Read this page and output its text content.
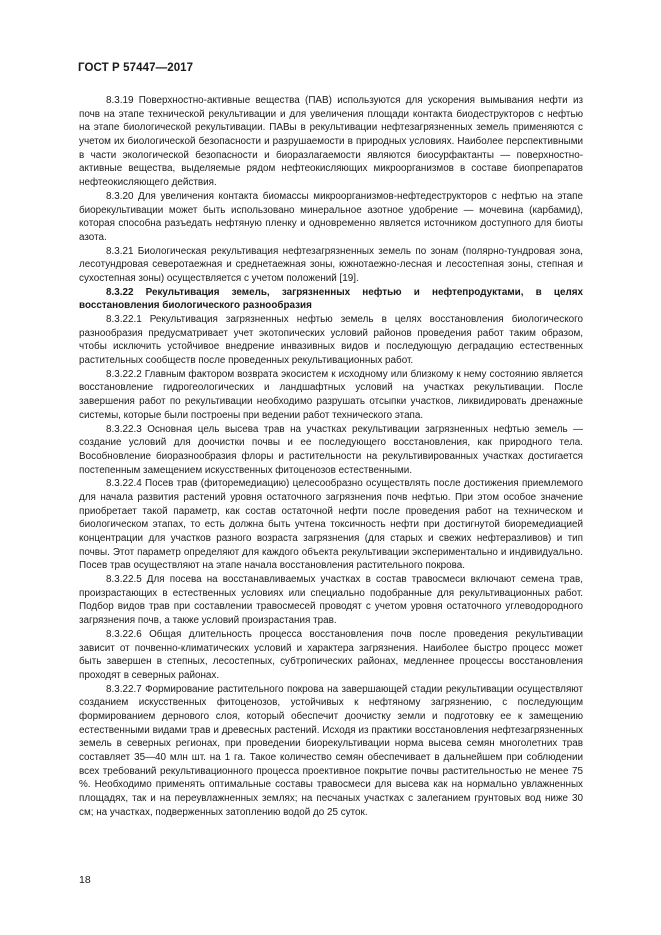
ГОСТ Р 57447—2017

8.3.19 Поверхностно-активные вещества (ПАВ) используются для ускорения вымывания нефти из почв на этапе технической рекультивации и для увеличения площади контакта биодеструкторов с нефтью на этапе биологической рекультивации. ПАВы в рекультивации нефтезагрязненных земель применяются с учетом их биологической безопасности и разрушаемости в природных условиях. Наиболее перспективными в части экологической безопасности и биоразлагаемости являются биосурфактанты — поверхностно-активные вещества, выделяемые рядом нефтеокисляющих микроорганизмов в составе биопрепаратов нефтеокисляющего действия.

8.3.20 Для увеличения контакта биомассы микроорганизмов-нефтедеструкторов с нефтью на этапе биорекультивации может быть использовано минеральное азотное удобрение — мочевина (карбамид), которая способна разъедать нефтяную пленку и одновременно является источником доступного для биоты азота.

8.3.21 Биологическая рекультивация нефтезагрязненных земель по зонам (полярно-тундровая зона, лесотундровая северотаежная и среднетаежная зоны, южнотаежно-лесная и лесостепная зоны, степная и сухостепная зоны) осуществляется с учетом положений [19].

8.3.22 Рекультивация земель, загрязненных нефтью и нефтепродуктами, в целях восстановления биологического разнообразия

8.3.22.1 Рекультивация загрязненных нефтью земель в целях восстановления биологического разнообразия предусматривает учет экотопических условий районов проведения работ таким образом, чтобы исключить устойчивое внедрение инвазивных видов и последующую деградацию естественных растительных сообществ после проведенных рекультивационных работ.

8.3.22.2 Главным фактором возврата экосистем к исходному или близкому к нему состоянию является восстановление гидрогеологических и ландшафтных условий на участках рекультивации. После завершения работ по рекультивации необходимо разрушать отсыпки участков, ликвидировать дренажные системы, которые были построены при ведении работ технического этапа.

8.3.22.3 Основная цель высева трав на участках рекультивации загрязненных нефтью земель — создание условий для доочистки почвы и ее последующего восстановления, как природного тела. Вособновление биоразнообразия флоры и растительности на рекультивированных участках достигается постепенным замещением искусственных фитоценозов естественными.

8.3.22.4 Посев трав (фиторемедиацию) целесообразно осуществлять после достижения приемлемого для начала развития растений уровня остаточного загрязнения почв нефтью. При этом особое значение приобретает такой параметр, как состав остаточной нефти после проведения работ на техническом и биологическом этапах, то есть должна быть учтена токсичность нефти при достигнутой биоремедиацией концентрации для участков разного возраста загрязнения (для старых и свежих нефтеразливов) и тип почвы. Этот параметр определяют для каждого объекта рекультивации экспериментально и индивидуально. Посев трав осуществляют на этапе начала восстановления растительного покрова.

8.3.22.5 Для посева на восстанавливаемых участках в состав травосмеси включают семена трав, произрастающих в естественных условиях или специально подобранные для рекультивационных работ. Подбор видов трав при составлении травосмесей проводят с учетом уровня остаточного углеводородного загрязнения почв, а также условий произрастания трав.

8.3.22.6 Общая длительность процесса восстановления почв после проведения рекультивации зависит от почвенно-климатических условий и характера загрязнения. Наиболее быстро процесс может быть завершен в степных, лесостепных, субтропических районах, медленнее процессы восстановления проходят в северных районах.

8.3.22.7 Формирование растительного покрова на завершающей стадии рекультивации осуществляют созданием искусственных фитоценозов, устойчивых к нефтяному загрязнению, с последующим формированием дернового слоя, который обеспечит доочистку земли и подготовку ее к замещению естественными видами трав и древесных растений. Исходя из практики восстановления нефтезагрязненных земель в северных регионах, при проведении биорекультивации норма высева семян многолетних трав составляет 35—40 млн шт. на 1 га. Такое количество семян обеспечивает в дальнейшем при соблюдении всех требований рекультивационного процесса проективное покрытие почвы растительностью не менее 75 %. Необходимо применять оптимальные составы травосмеси для высева как на нормально увлажненных площадях, так и на переувлажненных землях; на песчаных участках с залеганием грунтовых вод ниже 30 см; на участках, подверженных затоплению водой до 25 суток.

18
